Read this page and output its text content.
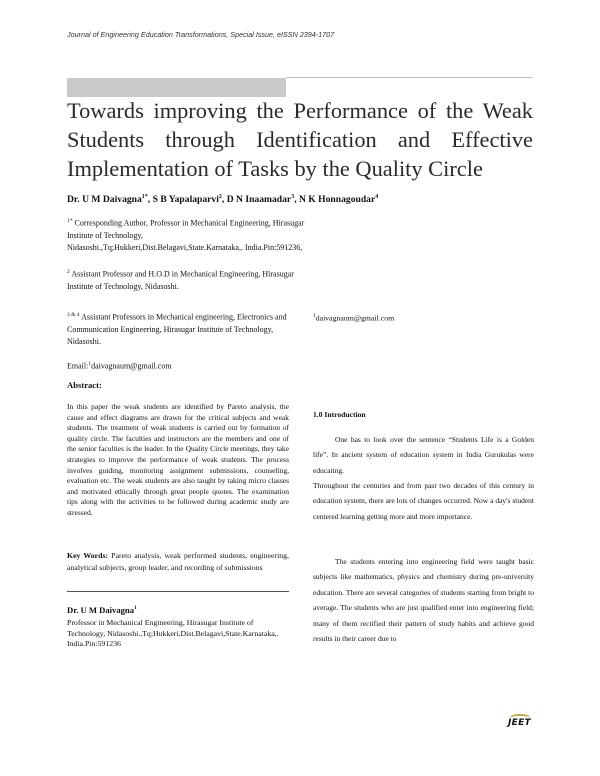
Journal of Engineering Education Transformations, Special Issue, eISSN 2394-1707
Towards improving the Performance of the Weak
Students through Identification and Effective
Implementation of Tasks by the Quality Circle
Dr. U M Daivagna$^{1*}$, S B Yapalaparvi$^2$, D N Inaamadar$^3$, N K Honnagoudar$^4$
$^{1*}$ Corresponding Author, Professor in Mechanical Engineering, Hirasugar Institute of Technology, Nidasoshi.,Tq;Hukkeri,Dist.Belagavi,State.Karnataka,. India.Pin:591236,
$^2$ Assistant Professor and H.O.D in Mechanical Engineering, Hirasugar Institute of Technology, Nidasoshi.
$^{3 \& 4}$ Assistant Professors in Mechanical engineering, Electronics and Communication Engineering, Hirasugar Institute of Technology, Nidasoshi.
Email:$^1$daivagnaum@gmail.com
Abstract:
In this paper the weak students are identified by Pareto analysis, the cause and effect diagrams are drawn for the critical subjects and weak students. The treatment of weak students is carried out by formation of quality circle. The faculties and instructors are the members and one of the senior faculties is the leader. In the Quality Circle meetings, they take strategies to improve the performance of weak students. The process involves guiding, monitoring assignment submissions, counseling, evaluation etc. The weak students are also taught by taking micro classes and motivated ethically through great people quotes. The examination tips along with the activities to be followed during academic study are stressed.
Key Words: Pareto analysis, weak performed students, engineering, analytical subjects, group leader, and recording of submissions
Dr. U M Daivagna$^1$
Professor in Mechanical Engineering, Hirasugar Institute of Technology, Nidasoshi.,Tq;Hukkeri,Dist.Belagavi,State.Karnataka,. India.Pin:591236
$^1$daivagnaum@gmail.com
1.0 Introduction
One has to look over the sentence “Students Life is a Golden life”. In ancient system of education system in India Gurukulas were educating.
Throughout the centuries and from past two decades of this century in education system, there are lots of changes occurred. Now a day's student centered learning getting more and more importance.
The students entering into engineering field were taught basic subjects like mathematics, physics and chemistry during pre-university education. There are several categories of students starting from bright to average. The students who are just qualified enter into engineering field; many of them rectified their pattern of study habits and achieve good results in their career due to
JEET
